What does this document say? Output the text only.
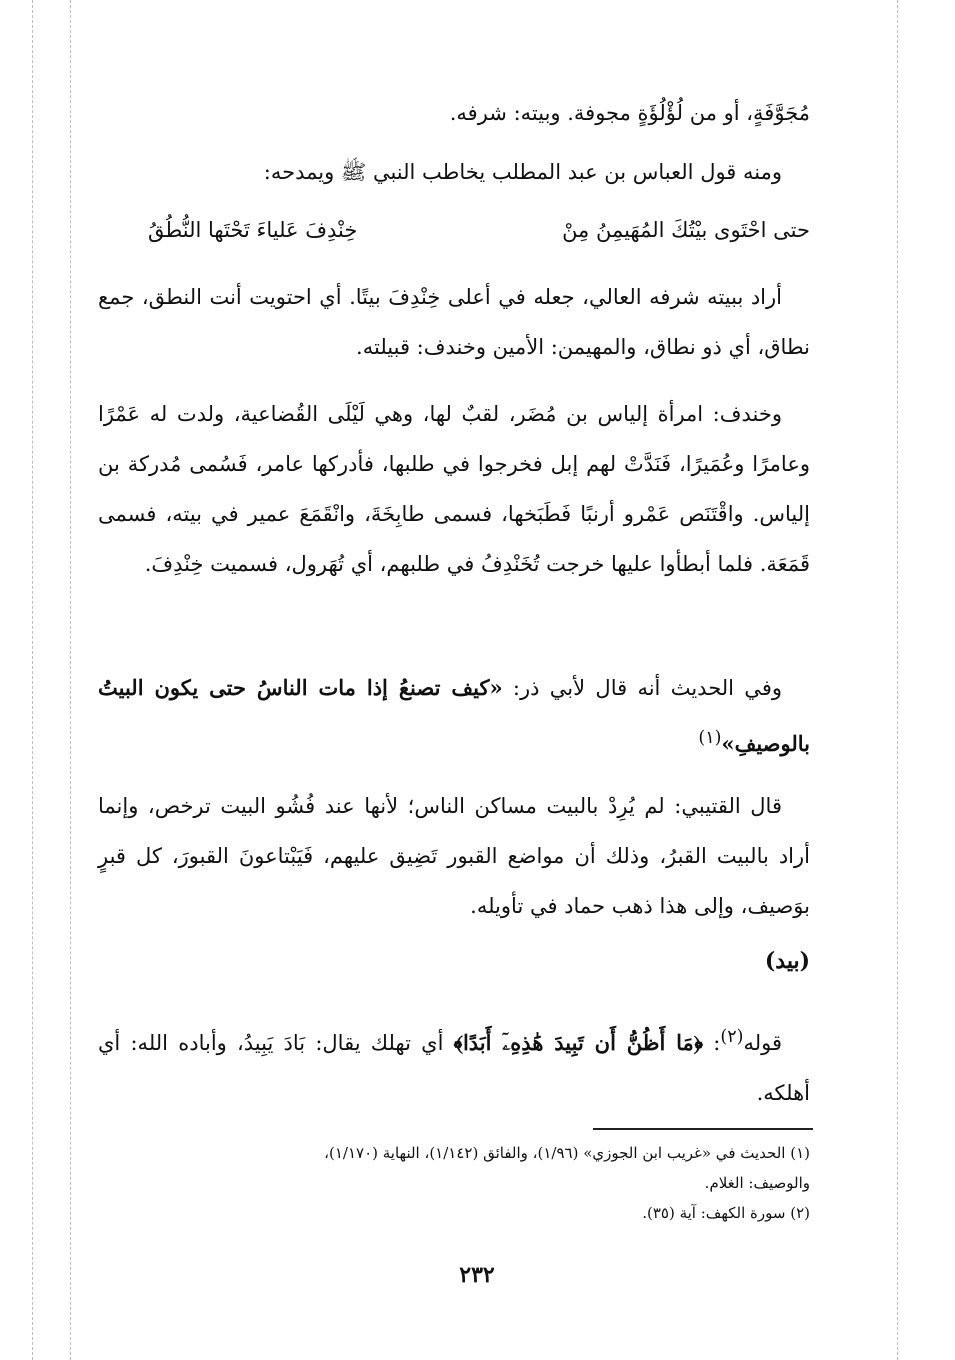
مُجَوَّفَةٍ، أو من لُؤْلُؤَةٍ مجوفة. وبيته: شرفه.

ومنه قول العباس بن عبد المطلب يخاطب النبي ﷺ ويمدحه:

حتى احْتَوى بيْتُكَ المُهَيمِنُ مِنْ
خِنْدِفَ عَلياءَ تَحْتَها النُّطُقُ

أراد ببيته شرفه العالي، جعله في أعلى خِنْدِفَ بيتًا. أي احتويت أنت النطق، جمع نطاق، أي ذو نطاق، والمهيمن: الأمين وخندف: قبيلته.

وخندف: امرأة إلياس بن مُضَر، لقبٌ لها، وهي لَيْلَى القُضاعية، ولدت له عَمْرًا وعامرًا وعُمَيرًا، فَنَدَّتْ لهم إبل فخرجوا في طلبها، فأدركها عامر، فَسُمى مُدركة بن إلياس. واقْتَنَص عَمْرو أرنبًا فَطَبَخها، فسمى طابِخَةَ، وانْقَمَعَ عمير في بيته، فسمى قَمَعَة. فلما أبطأوا عليها خرجت تُخَنْدِفُ في طلبهم، أي تُهَرول، فسميت خِنْدِفَ.

وفي الحديث أنه قال لأبي ذر: «كيف تصنعُ إذا مات الناسُ حتى يكون البيتُ بالوصيفِ»$^{(١)}$

قال القتيبي: لم يُرِدْ بالبيت مساكن الناس؛ لأنها عند فُشُو البيت ترخص، وإنما أراد بالبيت القبرُ، وذلك أن مواضع القبور تَضِيق عليهم، فَيَبْتاعونَ القبورَ، كل قبرٍ بوَصيف، وإلى هذا ذهب حماد في تأويله.

(بيد)

قوله$^{(٢)}$: ﴿مَا أَظُنُّ أَن تَبِيدَ هَٰذِهِۦٓ أَبَدًا﴾ أي تهلك يقال: بَادَ يَبِيدُ، وأباده الله: أي أهلكه.

(١) الحديث في «غريب ابن الجوزي» (١/٩٦)، والفائق (١/١٤٢)، النهاية (١/١٧٠)،

والوصيف: الغلام.

(٢) سورة الكهف: آية (٣٥).

٢٣٢
